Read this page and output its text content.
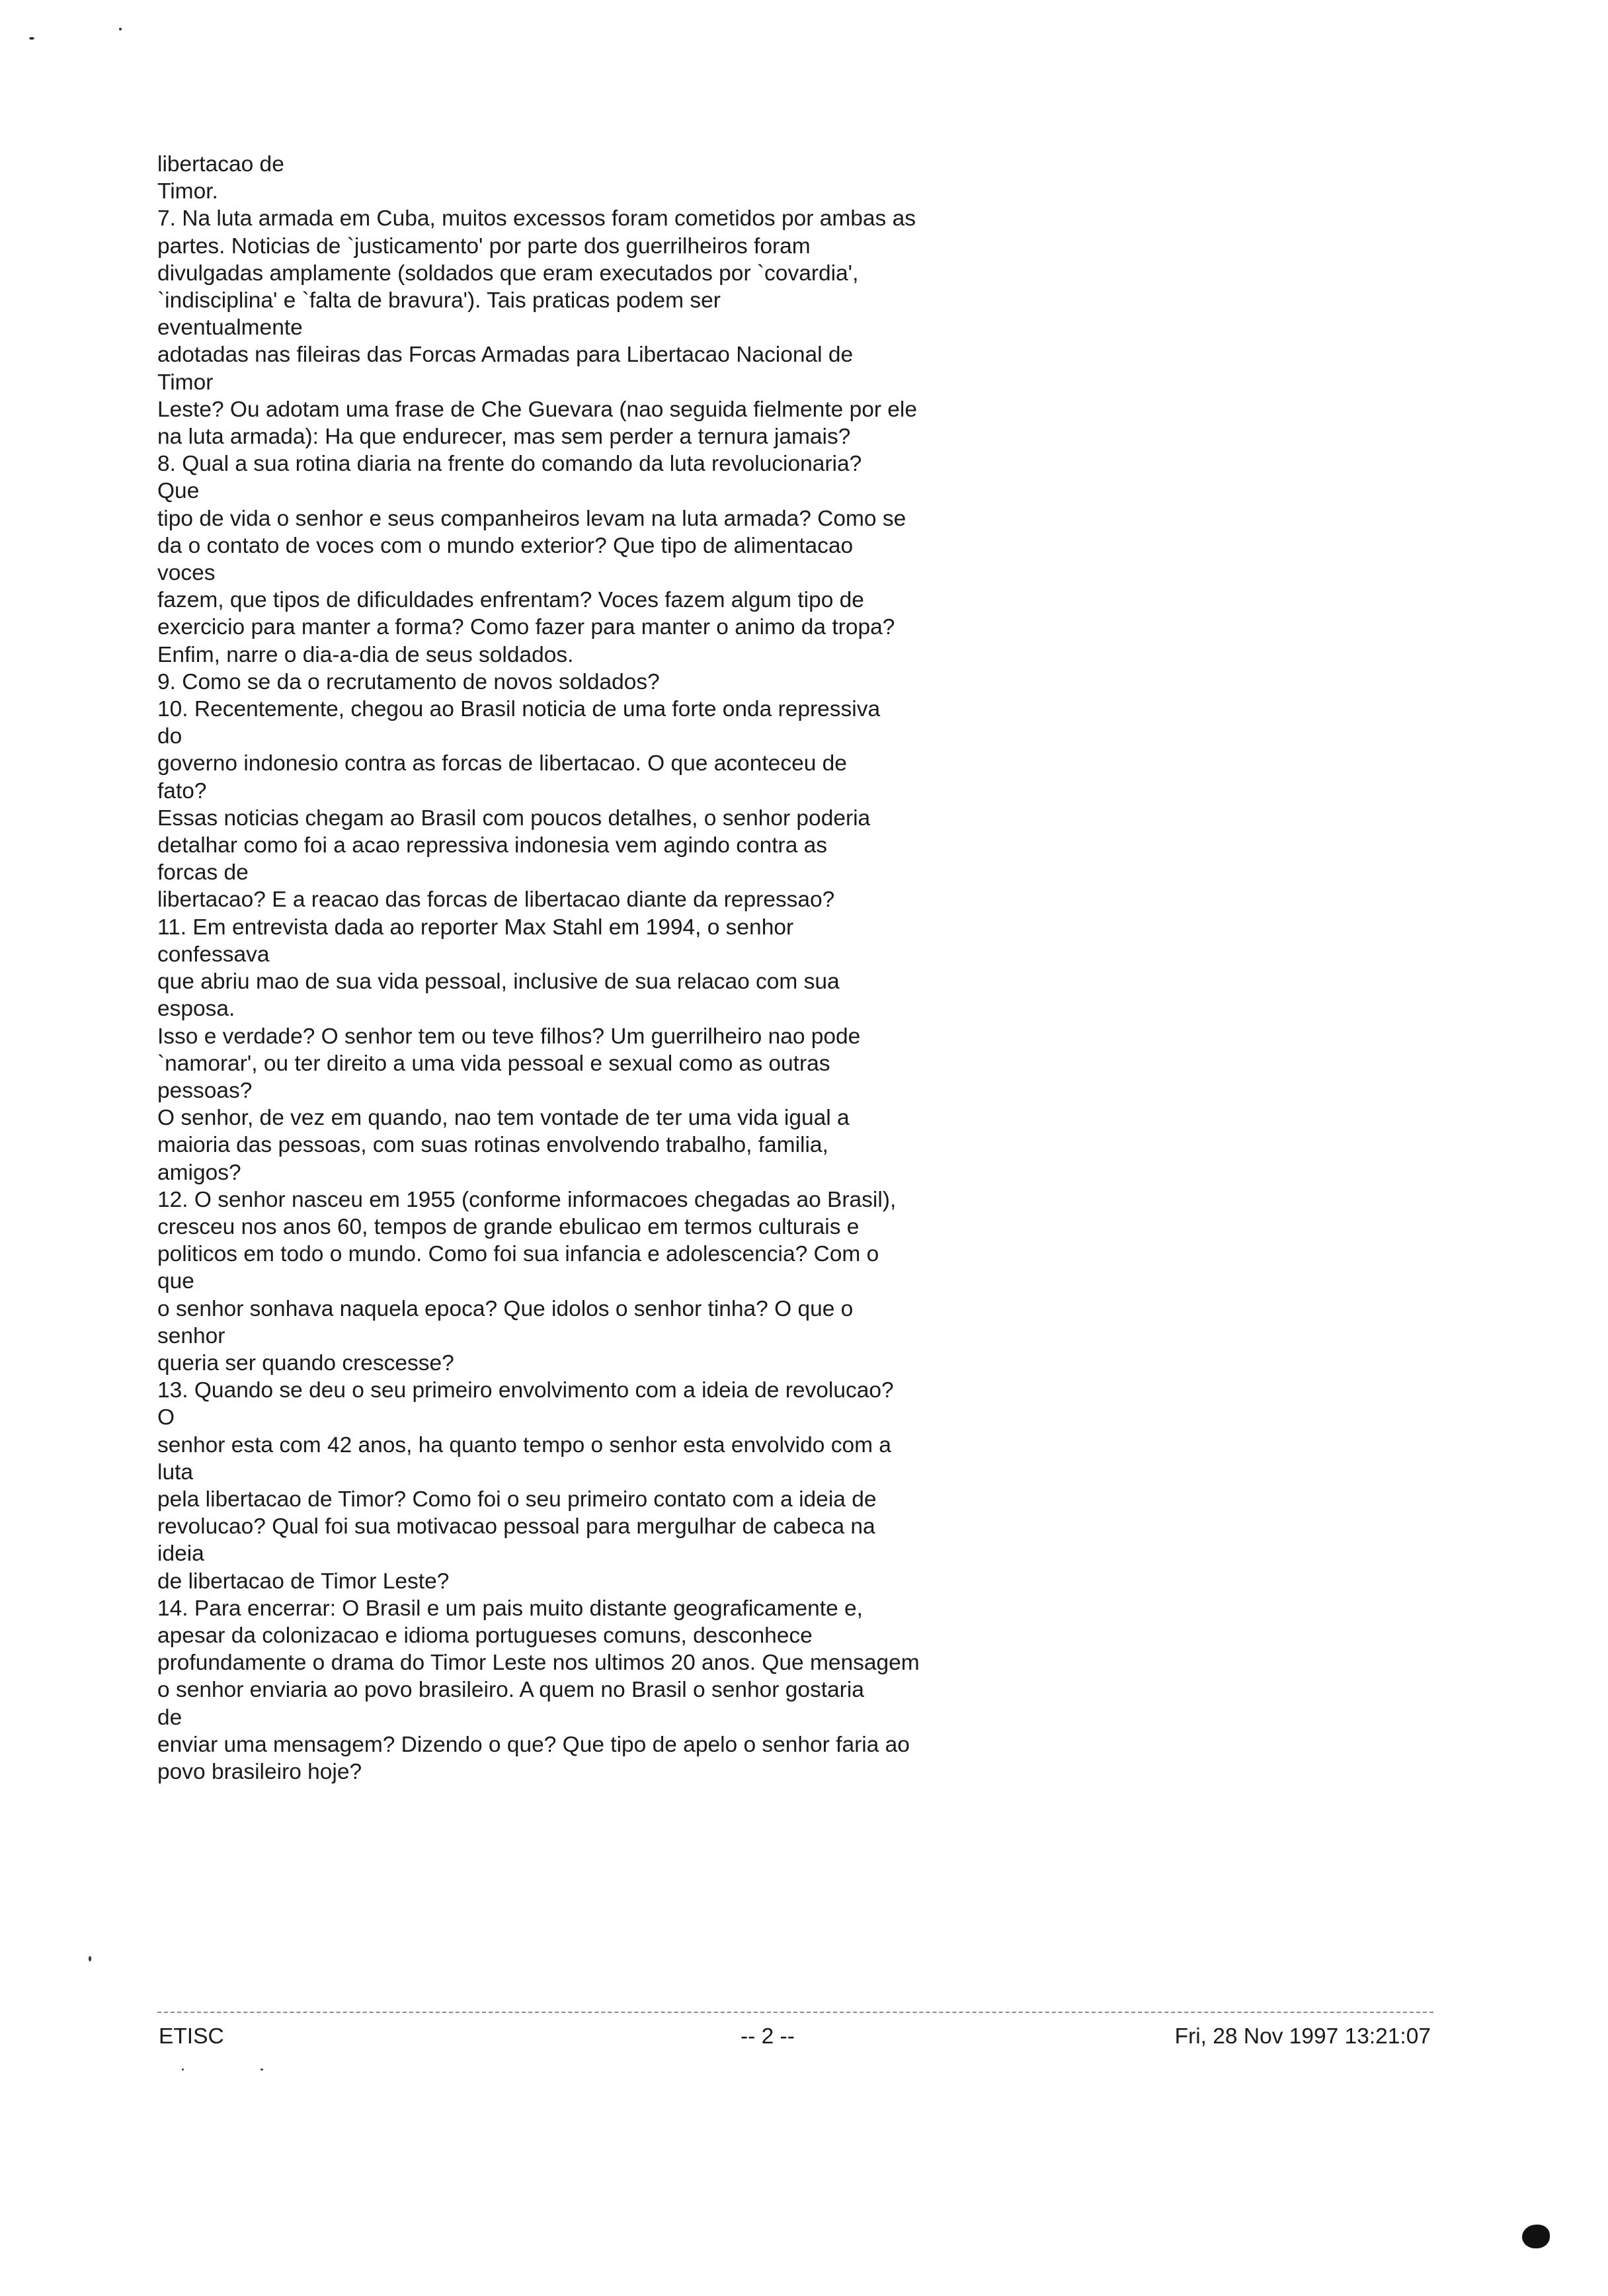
libertacao de
Timor.
7. Na luta armada em Cuba, muitos excessos foram cometidos por ambas as
partes. Noticias de `justicamento' por parte dos guerrilheiros foram
divulgadas amplamente (soldados que eram executados por `covardia',
`indisciplina' e `falta de bravura'). Tais praticas podem ser
eventualmente
adotadas nas fileiras das Forcas Armadas para Libertacao Nacional de
Timor
Leste? Ou adotam uma frase de Che Guevara (nao seguida fielmente por ele
na luta armada): Ha que endurecer, mas sem perder a ternura jamais?
8. Qual a sua rotina diaria na frente do comando da luta revolucionaria?
Que
tipo de vida o senhor e seus companheiros levam na luta armada? Como se
da o contato de voces com o mundo exterior? Que tipo de alimentacao
voces
fazem, que tipos de dificuldades enfrentam? Voces fazem algum tipo de
exercicio para manter a forma? Como fazer para manter o animo da tropa?
Enfim, narre o dia-a-dia de seus soldados.
9. Como se da o recrutamento de novos soldados?
10. Recentemente, chegou ao Brasil noticia de uma forte onda repressiva
do
governo indonesio contra as forcas de libertacao. O que aconteceu de
fato?
Essas noticias chegam ao Brasil com poucos detalhes, o senhor poderia
detalhar como foi a acao repressiva indonesia vem agindo contra as
forcas de
libertacao? E a reacao das forcas de libertacao diante da repressao?
11. Em entrevista dada ao reporter Max Stahl em 1994, o senhor
confessava
que abriu mao de sua vida pessoal, inclusive de sua relacao com sua
esposa.
Isso e verdade? O senhor tem ou teve filhos? Um guerrilheiro nao pode
`namorar', ou ter direito a uma vida pessoal e sexual como as outras
pessoas?
O senhor, de vez em quando, nao tem vontade de ter uma vida igual a
maioria das pessoas, com suas rotinas envolvendo trabalho, familia,
amigos?
12. O senhor nasceu em 1955 (conforme informacoes chegadas ao Brasil),
cresceu nos anos 60, tempos de grande ebulicao em termos culturais e
politicos em todo o mundo. Como foi sua infancia e adolescencia? Com o
que
o senhor sonhava naquela epoca? Que idolos o senhor tinha? O que o
senhor
queria ser quando crescesse?
13. Quando se deu o seu primeiro envolvimento com a ideia de revolucao?
O
senhor esta com 42 anos, ha quanto tempo o senhor esta envolvido com a
luta
pela libertacao de Timor? Como foi o seu primeiro contato com a ideia de
revolucao? Qual foi sua motivacao pessoal para mergulhar de cabeca na
ideia
de libertacao de Timor Leste?
14. Para encerrar: O Brasil e um pais muito distante geograficamente e,
apesar da colonizacao e idioma portugueses comuns, desconhece
profundamente o drama do Timor Leste nos ultimos 20 anos. Que mensagem
o senhor enviaria ao povo brasileiro. A quem no Brasil o senhor gostaria
de
enviar uma mensagem? Dizendo o que? Que tipo de apelo o senhor faria ao
povo brasileiro hoje?
ETISC	-- 2 --	Fri, 28 Nov 1997 13:21:07
